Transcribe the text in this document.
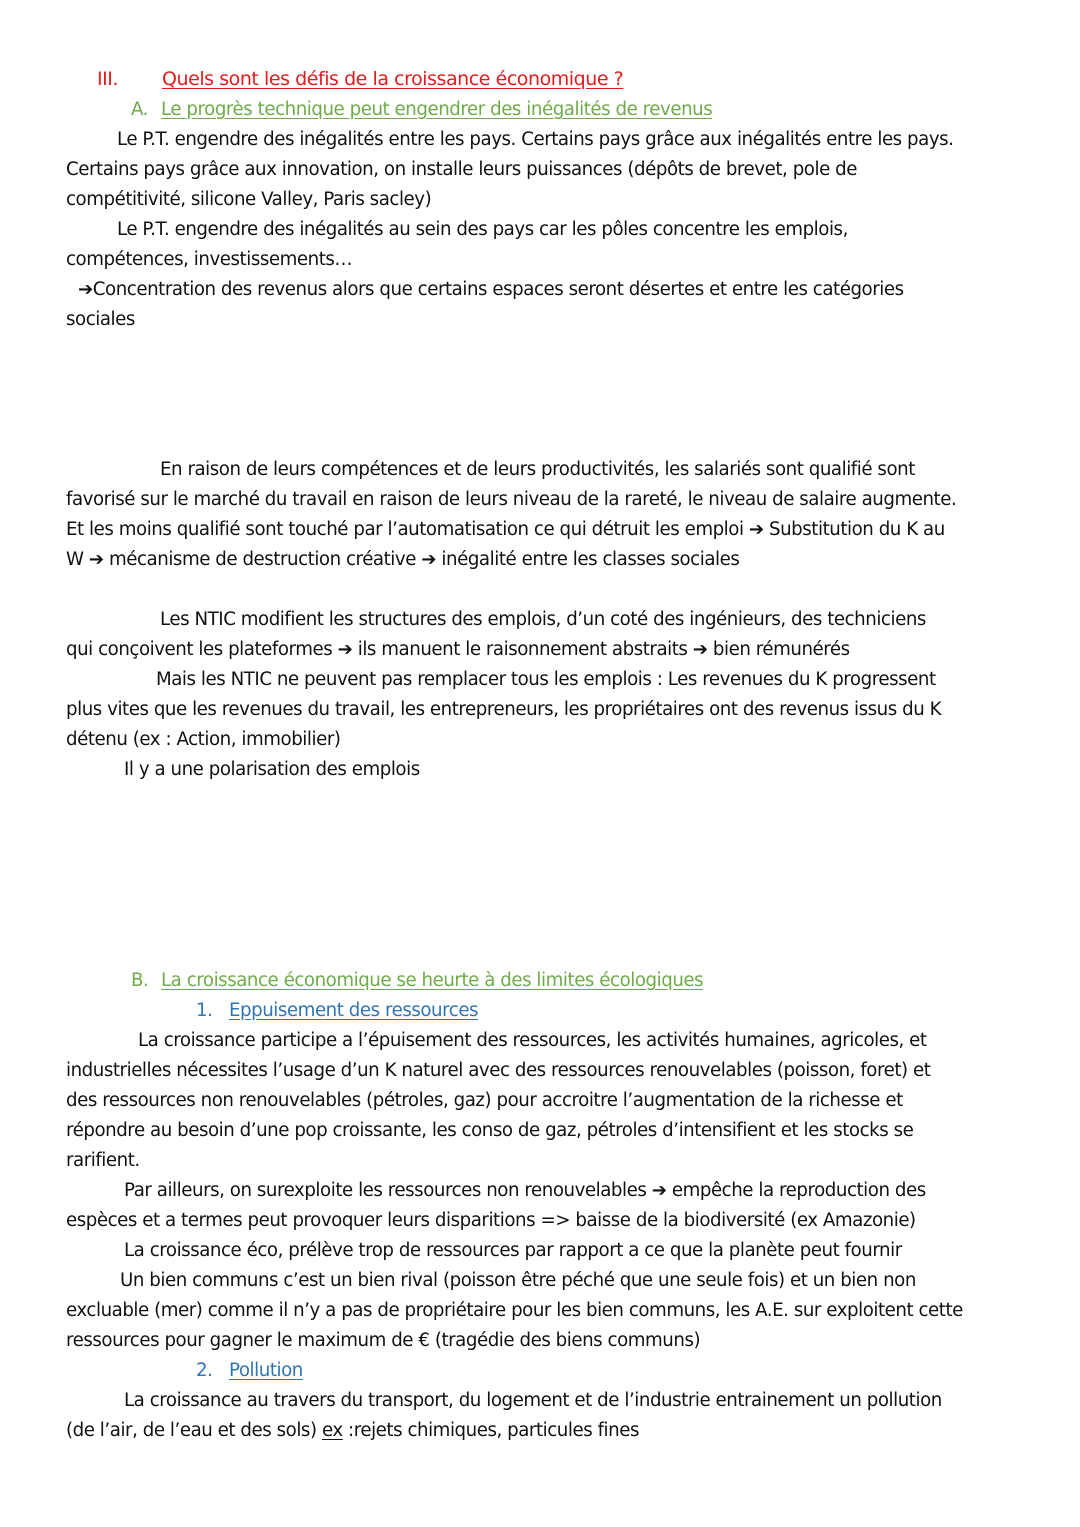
III. Quels sont les défis de la croissance économique ?
A. Le progrès technique peut engendrer des inégalités de revenus
Le P.T. engendre des inégalités entre les pays. Certains pays grâce aux inégalités entre les pays.
Certains pays grâce aux innovation, on installe leurs puissances (dépôts de brevet, pole de
compétitivité, silicone Valley, Paris sacley)
Le P.T. engendre des inégalités au sein des pays car les pôles concentre les emplois,
compétences, investissements…
➔Concentration des revenus alors que certains espaces seront désertes et entre les catégories
sociales
En raison de leurs compétences et de leurs productivités, les salariés sont qualifié sont
favorisé sur le marché du travail en raison de leurs niveau de la rareté, le niveau de salaire augmente.
Et les moins qualifié sont touché par l’automatisation ce qui détruit les emploi ➔ Substitution du K au
W ➔ mécanisme de destruction créative ➔ inégalité entre les classes sociales
Les NTIC modifient les structures des emplois, d’un coté des ingénieurs, des techniciens
qui conçoivent les plateformes ➔ ils manuent le raisonnement abstraits ➔ bien rémunérés
Mais les NTIC ne peuvent pas remplacer tous les emplois : Les revenues du K progressent
plus vites que les revenues du travail, les entrepreneurs, les propriétaires ont des revenus issus du K
détenu (ex : Action, immobilier)
Il y a une polarisation des emplois
B. La croissance économique se heurte à des limites écologiques
1. Eppuisement des ressources
La croissance participe a l’épuisement des ressources, les activités humaines, agricoles, et
industrielles nécessites l’usage d’un K naturel avec des ressources renouvelables (poisson, foret) et
des ressources non renouvelables (pétroles, gaz) pour accroitre l’augmentation de la richesse et
répondre au besoin d’une pop croissante, les conso de gaz, pétroles d’intensifient et les stocks se
rarifient.
Par ailleurs, on surexploite les ressources non renouvelables ➔ empêche la reproduction des
espèces et a termes peut provoquer leurs disparitions => baisse de la biodiversité (ex Amazonie)
La croissance éco, prélève trop de ressources par rapport a ce que la planète peut fournir
Un bien communs c’est un bien rival (poisson être péché que une seule fois) et un bien non
excluable (mer) comme il n’y a pas de propriétaire pour les bien communs, les A.E. sur exploitent cette
ressources pour gagner le maximum de € (tragédie des biens communs)
2. Pollution
La croissance au travers du transport, du logement et de l’industrie entrainement un pollution
(de l’air, de l’eau et des sols) ex :rejets chimiques, particules fines
